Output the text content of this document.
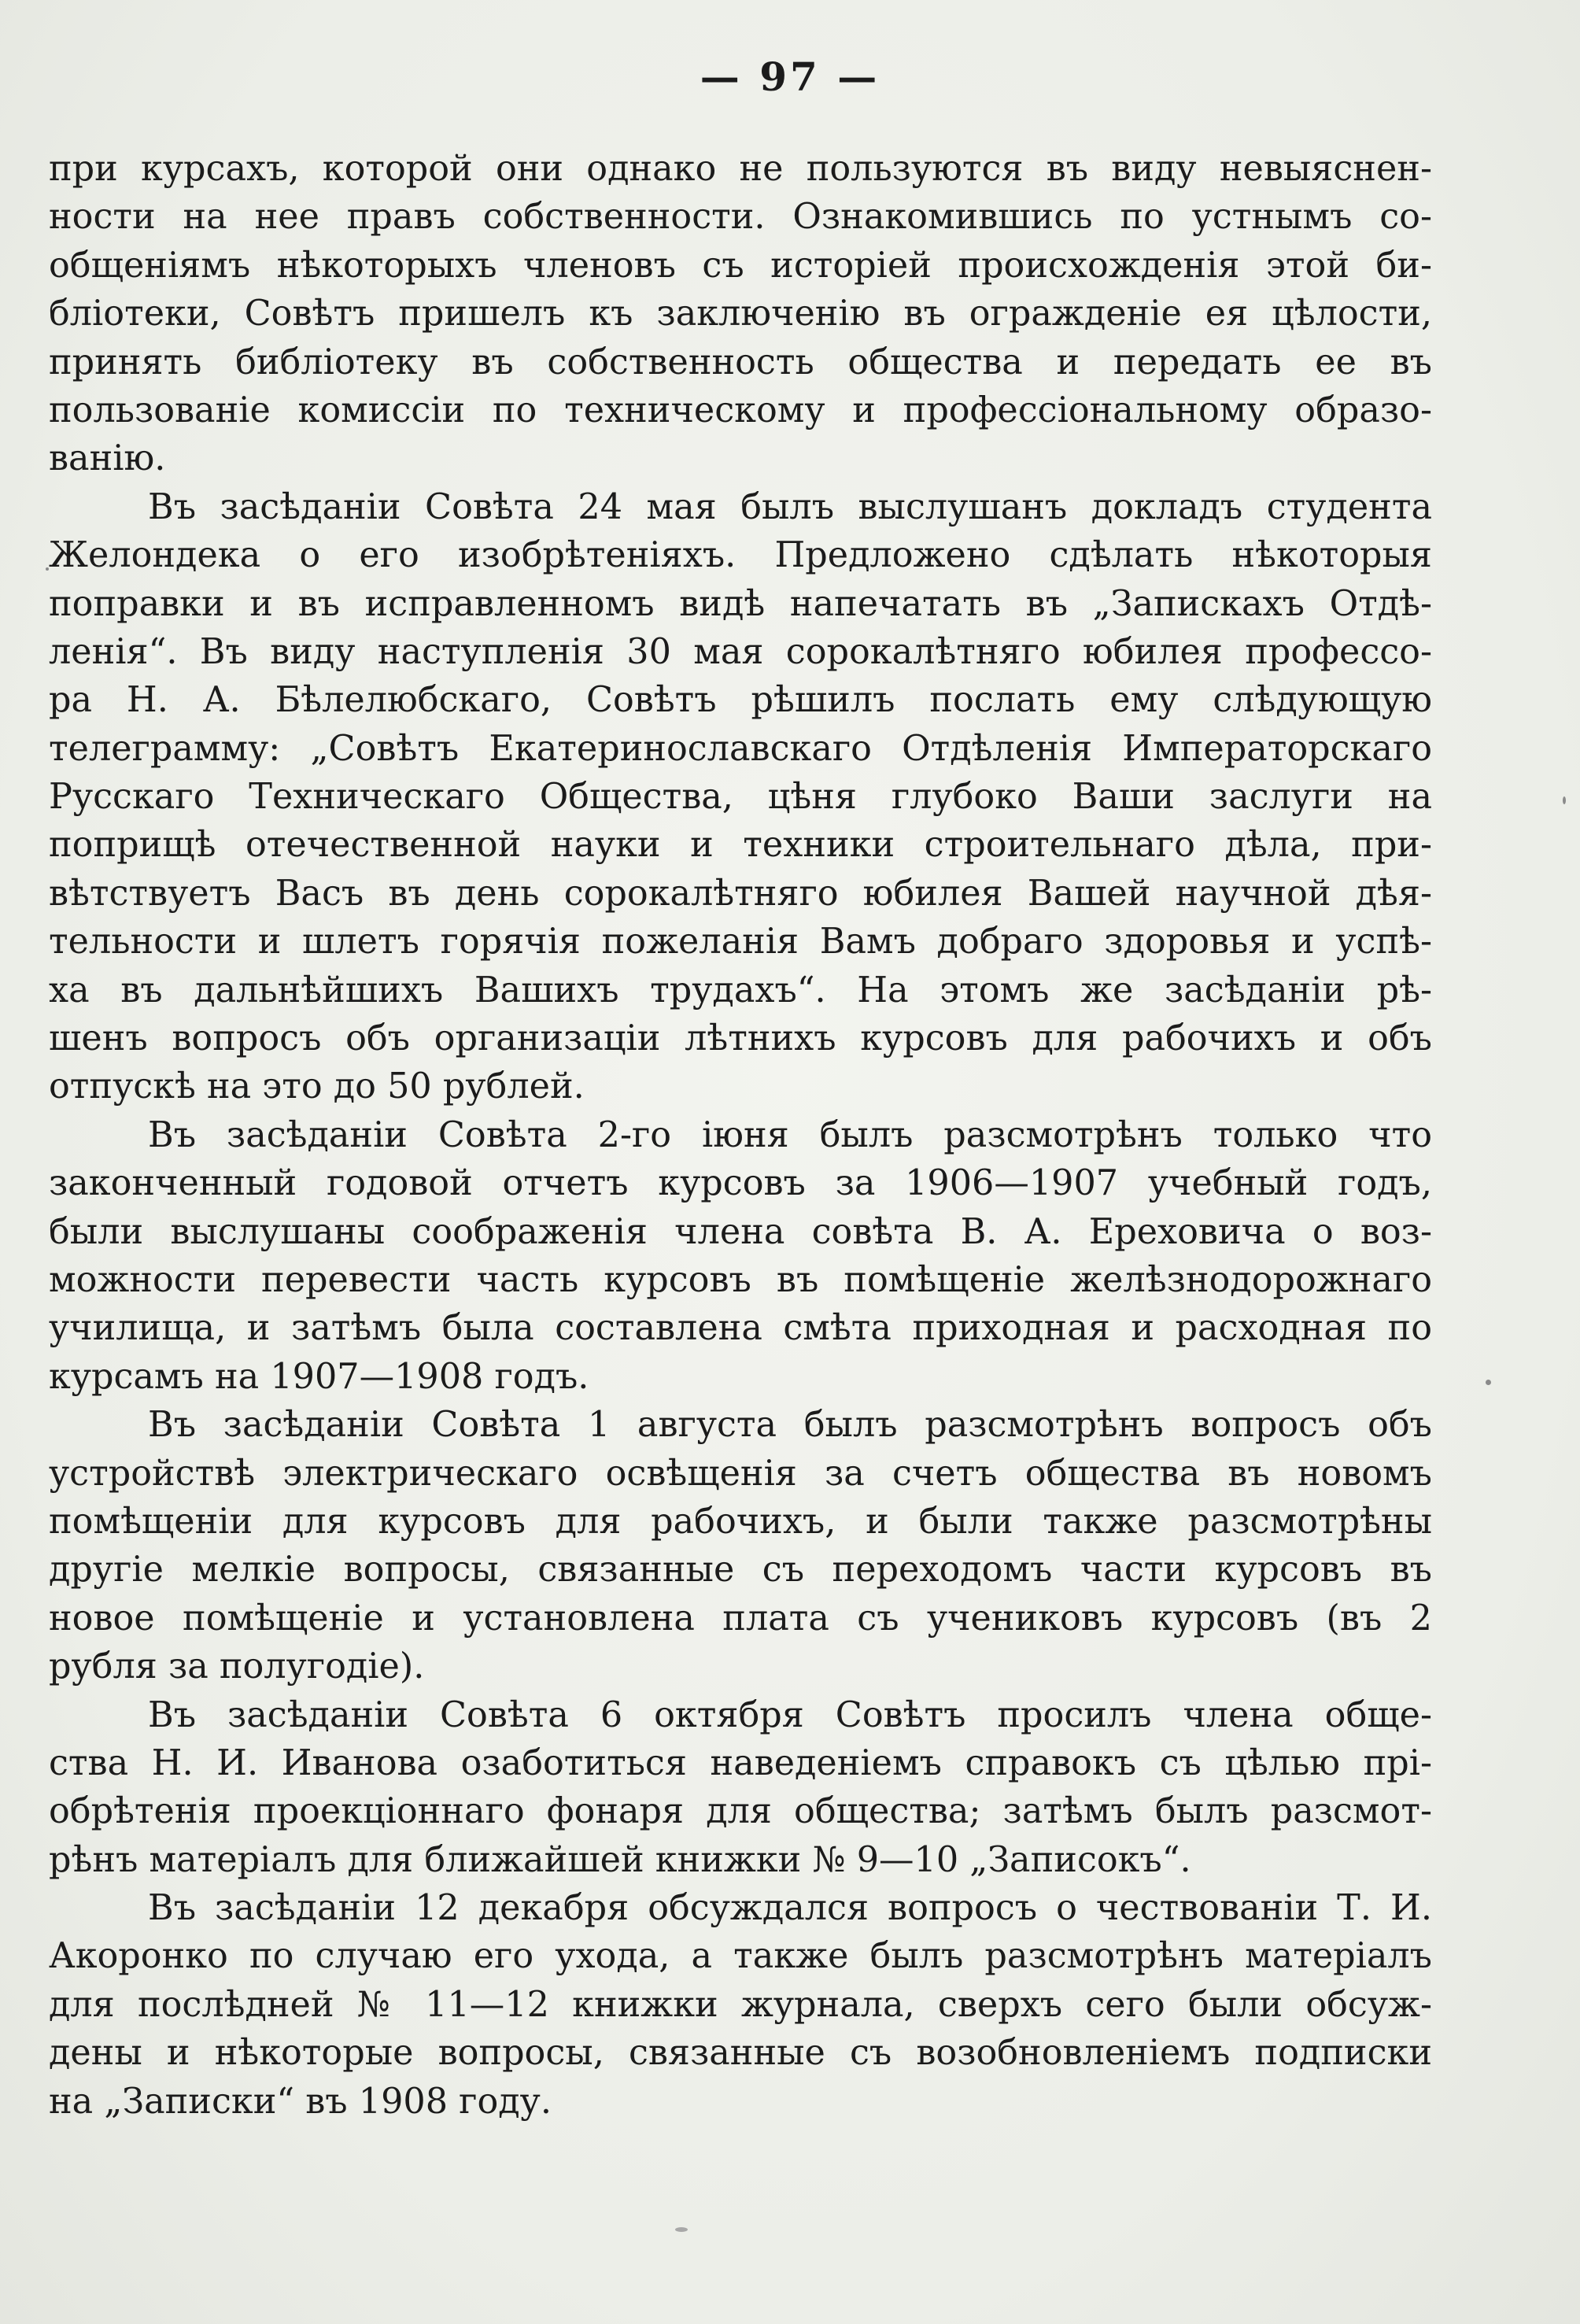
— 97 —
при курсахъ, которой они однако не пользуются въ виду невыяснен-
ности на нее правъ собственности. Ознакомившись по устнымъ со-
общеніямъ нѣкоторыхъ членовъ съ исторіей происхожденія этой би-
бліотеки, Совѣтъ пришелъ къ заключенію въ огражденіе ея цѣлости,
принять библіотеку въ собственность общества и передать ее въ
пользованіе комиссіи по техническому и профессіональному образо-
ванію.
Въ засѣданіи Совѣта 24 мая былъ выслушанъ докладъ студента
Желондека о его изобрѣтеніяхъ. Предложено сдѣлать нѣкоторыя
поправки и въ исправленномъ видѣ напечатать въ „Запискахъ Отдѣ-
ленія“. Въ виду наступленія 30 мая сорокалѣтняго юбилея профессо-
ра Н. А. Бѣлелюбскаго, Совѣтъ рѣшилъ послать ему слѣдующую
телеграмму: „Совѣтъ Екатеринославскаго Отдѣленія Императорскаго
Русскаго Техническаго Общества, цѣня глубоко Ваши заслуги на
поприщѣ отечественной науки и техники строительнаго дѣла, при-
вѣтствуетъ Васъ въ день сорокалѣтняго юбилея Вашей научной дѣя-
тельности и шлетъ горячія пожеланія Вамъ добраго здоровья и успѣ-
ха въ дальнѣйшихъ Вашихъ трудахъ“. На этомъ же засѣданіи рѣ-
шенъ вопросъ объ организаціи лѣтнихъ курсовъ для рабочихъ и объ
отпускѣ на это до 50 рублей.
Въ засѣданіи Совѣта 2-го іюня былъ разсмотрѣнъ только что
законченный годовой отчетъ курсовъ за 1906—1907 учебный годъ,
были выслушаны соображенія члена совѣта В. А. Ереховича о воз-
можности перевести часть курсовъ въ помѣщеніе желѣзнодорожнаго
училища, и затѣмъ была составлена смѣта приходная и расходная по
курсамъ на 1907—1908 годъ.
Въ засѣданіи Совѣта 1 августа былъ разсмотрѣнъ вопросъ объ
устройствѣ электрическаго освѣщенія за счетъ общества въ новомъ
помѣщеніи для курсовъ для рабочихъ, и были также разсмотрѣны
другіе мелкіе вопросы, связанные съ переходомъ части курсовъ въ
новое помѣщеніе и установлена плата съ учениковъ курсовъ (въ 2
рубля за полугодіе).
Въ засѣданіи Совѣта 6 октября Совѣтъ просилъ члена обще-
ства Н. И. Иванова озаботиться наведеніемъ справокъ съ цѣлью прі-
обрѣтенія проекціоннаго фонаря для общества; затѣмъ былъ разсмот-
рѣнъ матеріалъ для ближайшей книжки № 9—10 „Записокъ“.
Въ засѣданіи 12 декабря обсуждался вопросъ о чествованіи Т. И.
Акоронко по случаю его ухода, а также былъ разсмотрѣнъ матеріалъ
для послѣдней № 11—12 книжки журнала, сверхъ сего были обсуж-
дены и нѣкоторые вопросы, связанные съ возобновленіемъ подписки
на „Записки“ въ 1908 году.
